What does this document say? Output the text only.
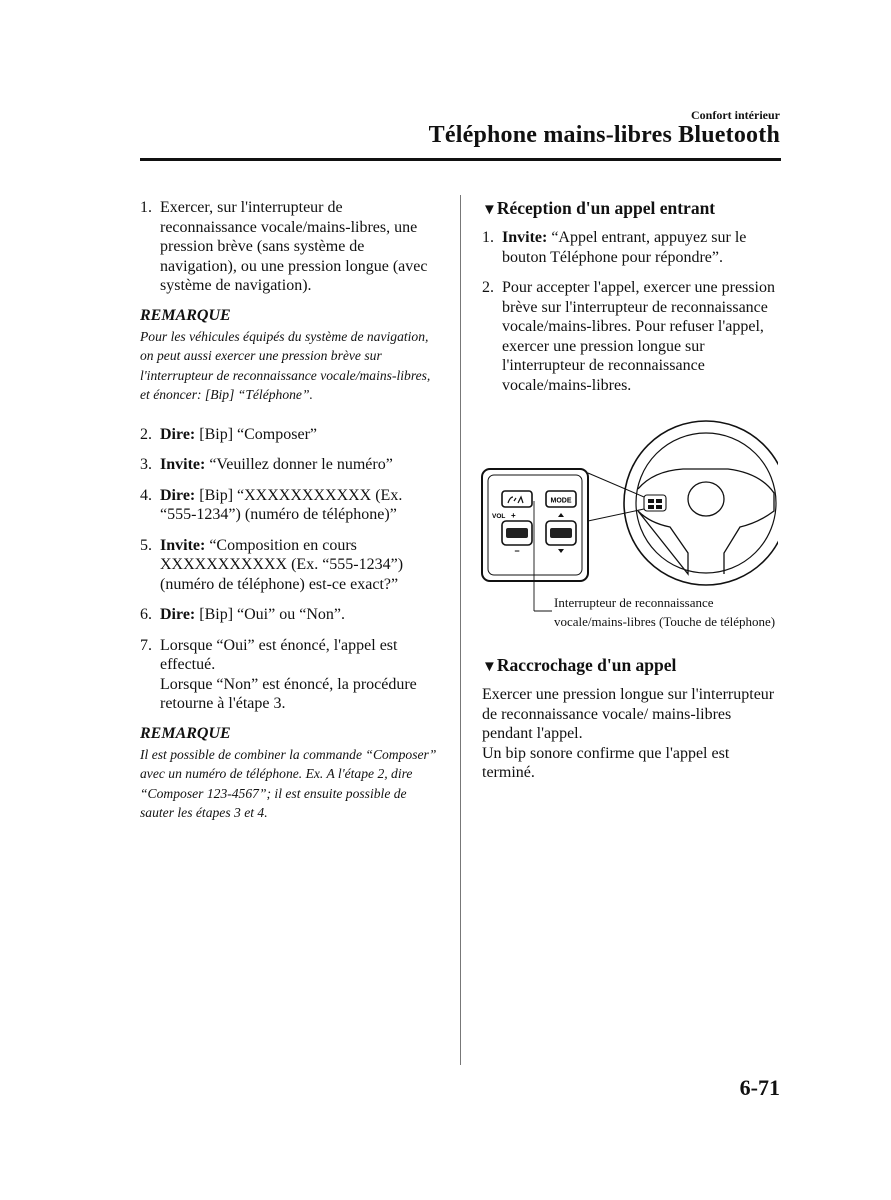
Confort intérieur
Téléphone mains-libres Bluetooth
1. Exercer, sur l'interrupteur de reconnaissance vocale/mains-libres, une pression brève (sans système de navigation), ou une pression longue (avec système de navigation).
REMARQUE
Pour les véhicules équipés du système de navigation, on peut aussi exercer une pression brève sur l'interrupteur de reconnaissance vocale/mains-libres, et énoncer: [Bip] “Téléphone”.
2. Dire: [Bip] “Composer”
3. Invite: “Veuillez donner le numéro”
4. Dire: [Bip] “XXXXXXXXXXX (Ex. “555-1234”) (numéro de téléphone)”
5. Invite: “Composition en cours XXXXXXXXXXX (Ex. “555-1234”) (numéro de téléphone) est-ce exact?”
6. Dire: [Bip] “Oui” ou “Non”.
7. Lorsque “Oui” est énoncé, l'appel est effectué.
Lorsque “Non” est énoncé, la procédure retourne à l'étape 3.
REMARQUE
Il est possible de combiner la commande “Composer” avec un numéro de téléphone. Ex. A l'étape 2, dire “Composer 123-4567”; il est ensuite possible de sauter les étapes 3 et 4.
▼Réception d'un appel entrant
1. Invite: “Appel entrant, appuyez sur le bouton Téléphone pour répondre”.
2. Pour accepter l'appel, exercer une pression brève sur l'interrupteur de reconnaissance vocale/mains-libres. Pour refuser l'appel, exercer une pression longue sur l'interrupteur de reconnaissance vocale/mains-libres.
MODE
VOL +
−
Interrupteur de reconnaissance
vocale/mains-libres (Touche de téléphone)
▼Raccrochage d'un appel
Exercer une pression longue sur l'interrupteur de reconnaissance vocale/ mains-libres pendant l'appel.
Un bip sonore confirme que l'appel est terminé.
6-71
